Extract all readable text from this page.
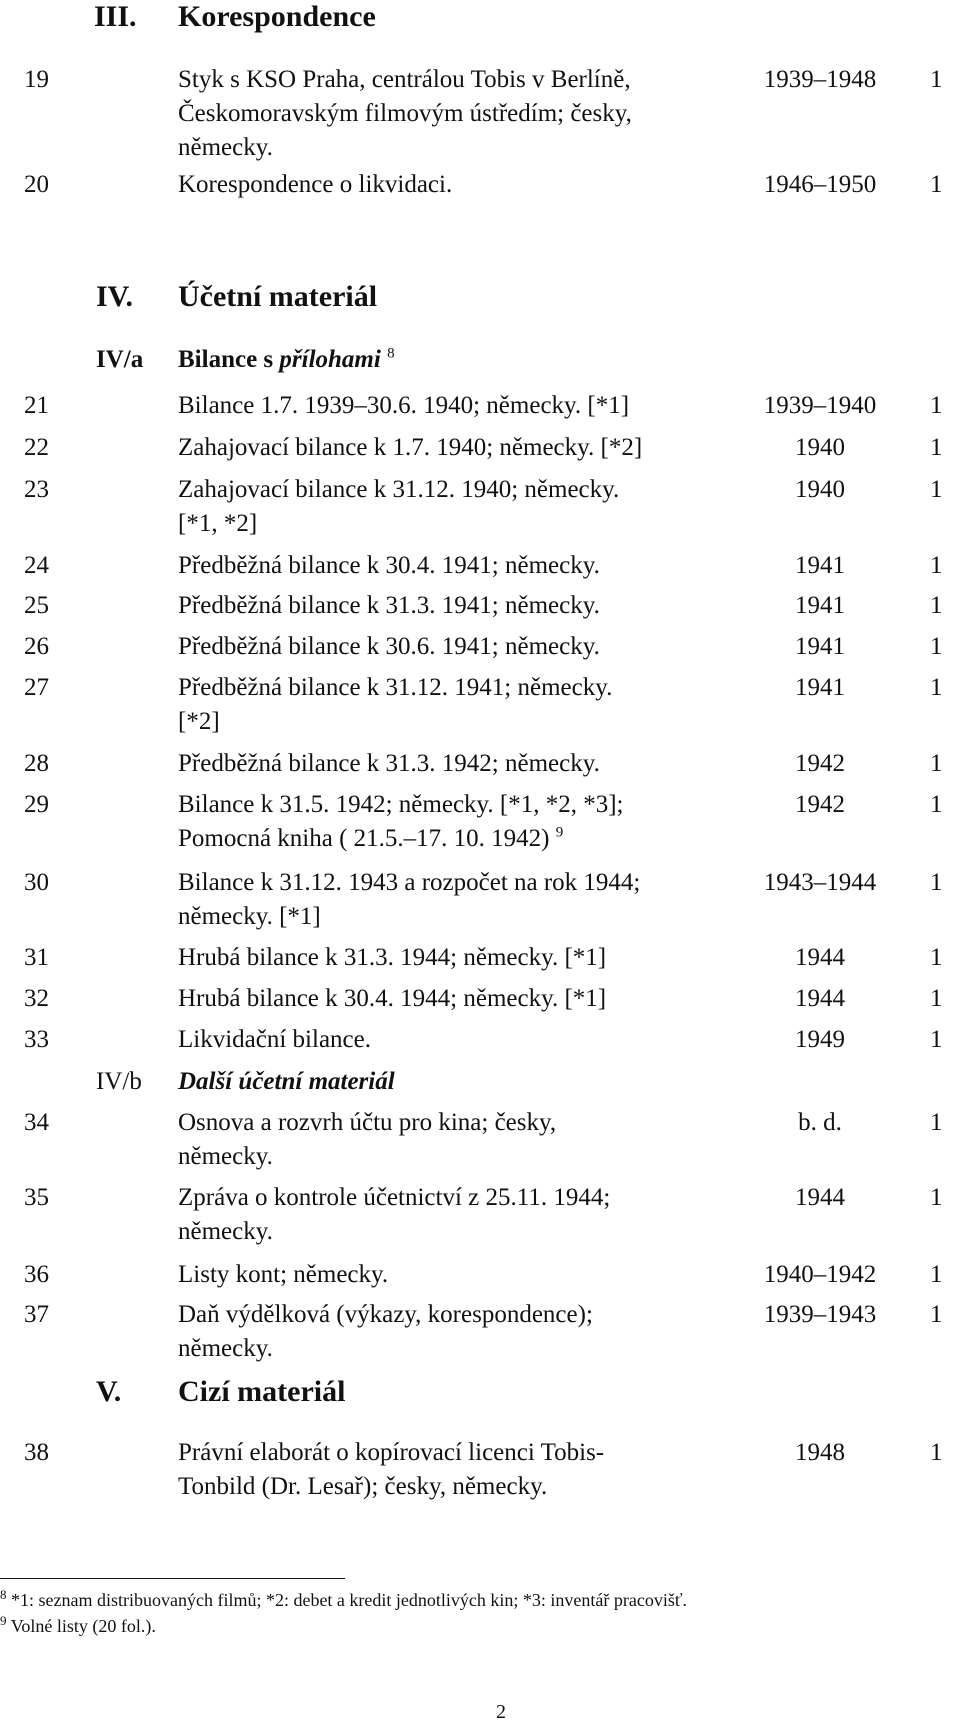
III. Korespondence
19	Styk s KSO Praha, centrálou Tobis v Berlíně,
Českomoravským filmovým ústředím; česky,
německy.
1939–1948	1
20	Korespondence o likvidaci.	1946–1950	1
IV. Účetní materiál
IV/a Bilance s přílohami $^8$
21	Bilance 1.7. 1939–30.6. 1940; německy. [*1]	1939–1940	1
22	Zahajovací bilance k 1.7. 1940; německy. [*2]	1940	1
23	Zahajovací bilance k 31.12. 1940; německy.
[*1, *2]
1940	1
24	Předběžná bilance k 30.4. 1941; německy.	1941	1
25	Předběžná bilance k 31.3. 1941; německy.	1941	1
26	Předběžná bilance k 30.6. 1941; německy.	1941	1
27	Předběžná bilance k 31.12. 1941; německy.
[*2]
1941	1
28	Předběžná bilance k 31.3. 1942; německy.	1942	1
29	Bilance k 31.5. 1942; německy. [*1, *2, *3];
Pomocná kniha ( 21.5.–17. 10. 1942) $^9$
1942	1
30	Bilance k 31.12. 1943 a rozpočet na rok 1944;
německy. [*1]
1943–1944	1
31	Hrubá bilance k 31.3. 1944; německy. [*1]	1944	1
32	Hrubá bilance k 30.4. 1944; německy. [*1]	1944	1
33	Likvidační bilance.	1949	1
IV/b Další účetní materiál
34	Osnova a rozvrh účtu pro kina; česky,
německy.
b. d.	1
35	Zpráva o kontrole účetnictví z 25.11. 1944;
německy.
1944	1
36	Listy kont; německy.	1940–1942	1
37	Daň výdělková (výkazy, korespondence);
německy.
1939–1943	1
V. Cizí materiál
38	Právní elaborát o kopírovací licenci Tobis-
Tonbild (Dr. Lesař); česky, německy.
1948	1
$^8$ *1: seznam distribuovaných filmů; *2: debet a kredit jednotlivých kin; *3: inventář pracovišť.
$^9$ Volné listy (20 fol.).
2
